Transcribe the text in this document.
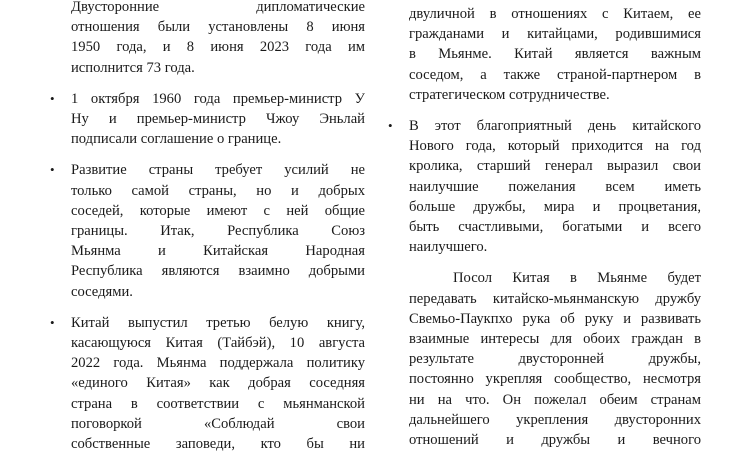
Двусторонние дипломатические
отношения были установлены 8 июня
1950 года, и 8 июня 2023 года им
исполнится 73 года.
• 1 октября 1960 года премьер-министр У
Ну и премьер-министр Чжоу Эньлай
подписали соглашение о границе.
• Развитие страны требует усилий не
только самой страны, но и добрых
соседей, которые имеют с ней общие
границы. Итак, Республика Союз
Мьянма и Китайская Народная
Республика являются взаимно добрыми
соседями.
• Китай выпустил третью белую книгу,
касающуюся Китая (Тайбэй), 10 августа
2022 года. Мьянма поддержала политику
«единого Китая» как добрая соседняя
страна в соответствии с мьянманской
поговоркой «Соблюдай свои
собственные заповеди, кто бы ни
двуличной в отношениях с Китаем, ее
гражданами и китайцами, родившимися
в Мьянме. Китай является важным
соседом, а также страной-партнером в
стратегическом сотрудничестве.
• В этот благоприятный день китайского
Нового года, который приходится на год
кролика, старший генерал выразил свои
наилучшие пожелания всем иметь
больше дружбы, мира и процветания,
быть счастливыми, богатыми и всего
наилучшего.
Посол Китая в Мьянме будет
передавать китайско-мьянманскую дружбу
Свемьо-Паукпхо рука об руку и развивать
взаимные интересы для обоих граждан в
результате двусторонней дружбы,
постоянно укрепляя сообщество, несмотря
ни на что. Он пожелал обеим странам
дальнейшего укрепления двусторонних
отношений и дружбы и вечного
